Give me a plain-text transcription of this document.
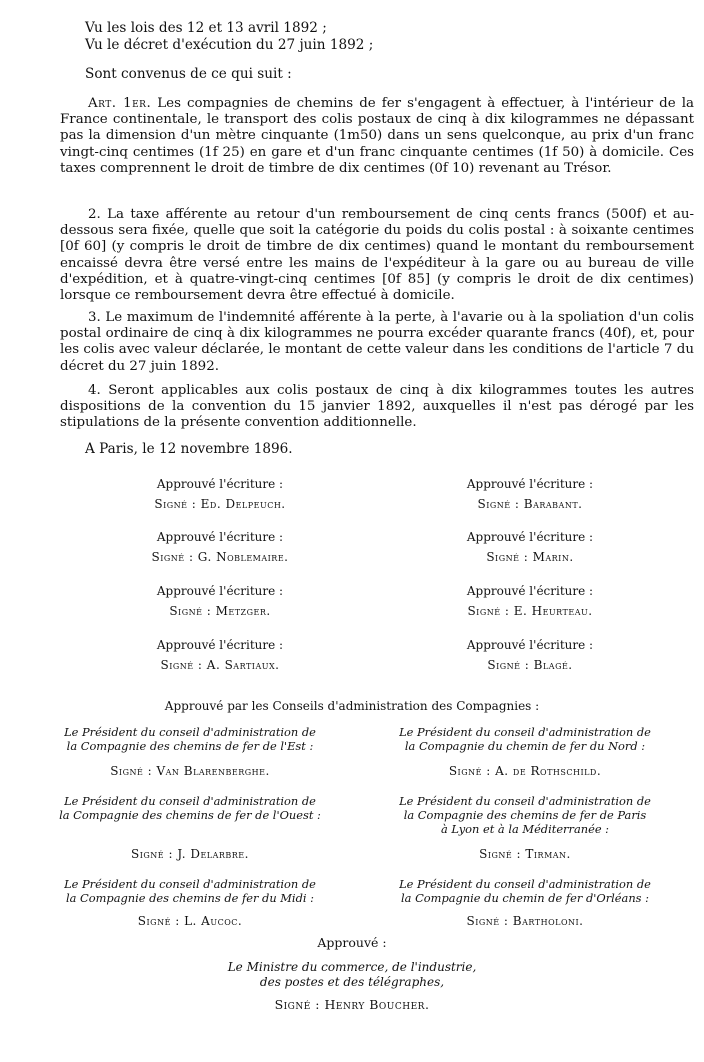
Vu les lois des 12 et 13 avril 1892 ;
Vu le décret d'exécution du 27 juin 1892 ;
Sont convenus de ce qui suit :
Art. 1er. Les compagnies de chemins de fer s'engagent à effectuer, à l'intérieur de la France continentale, le transport des colis postaux de cinq à dix kilogrammes ne dépassant pas la dimension d'un mètre cinquante (1m50) dans un sens quelconque, au prix d'un franc vingt-cinq centimes (1f 25) en gare et d'un franc cinquante centimes (1f 50) à domicile. Ces taxes comprennent le droit de timbre de dix centimes (0f 10) revenant au Trésor.
2. La taxe afférente au retour d'un remboursement de cinq cents francs (500f) et au-dessous sera fixée, quelle que soit la catégorie du poids du colis postal : à soixante centimes [0f 60] (y compris le droit de timbre de dix centimes) quand le montant du remboursement encaissé devra être versé entre les mains de l'expéditeur à la gare ou au bureau de ville d'expédition, et à quatre-vingt-cinq centimes [0f 85] (y compris le droit de dix centimes) lorsque ce remboursement devra être effectué à domicile.
3. Le maximum de l'indemnité afférente à la perte, à l'avarie ou à la spoliation d'un colis postal ordinaire de cinq à dix kilogrammes ne pourra excéder quarante francs (40f), et, pour les colis avec valeur déclarée, le montant de cette valeur dans les conditions de l'article 7 du décret du 27 juin 1892.
4. Seront applicables aux colis postaux de cinq à dix kilogrammes toutes les autres dispositions de la convention du 15 janvier 1892, auxquelles il n'est pas dérogé par les stipulations de la présente convention additionnelle.
A Paris, le 12 novembre 1896.
Approuvé l'écriture :
Signé : Ed. Delpeuch.
Approuvé l'écriture :
Signé : G. Noblemaire.
Approuvé l'écriture :
Signé : Metzger.
Approuvé l'écriture :
Signé : A. Sartiaux.
Approuvé l'écriture :
Signé : Barabant.
Approuvé l'écriture :
Signé : Marin.
Approuvé l'écriture :
Signé : E. Heurteau.
Approuvé l'écriture :
Signé : Blagé.
Approuvé par les Conseils d'administration des Compagnies :
Le Président du conseil d'administration de
la Compagnie des chemins de fer de l'Est :
Signé : Van Blarenberghe.
Le Président du conseil d'administration de
la Compagnie des chemins de fer de l'Ouest :
Signé : J. Delarbre.
Le Président du conseil d'administration de
la Compagnie des chemins de fer du Midi :
Signé : L. Aucoc.
Le Président du conseil d'administration de
la Compagnie du chemin de fer du Nord :
Signé : A. de Rothschild.
Le Président du conseil d'administration de
la Compagnie des chemins de fer de Paris
à Lyon et à la Méditerranée :
Signé : Tirman.
Le Président du conseil d'administration de
la Compagnie du chemin de fer d'Orléans :
Signé : Bartholoni.
Approuvé :
Le Ministre du commerce, de l'industrie,
des postes et des télégraphes,
Signé : Henry Boucher.
